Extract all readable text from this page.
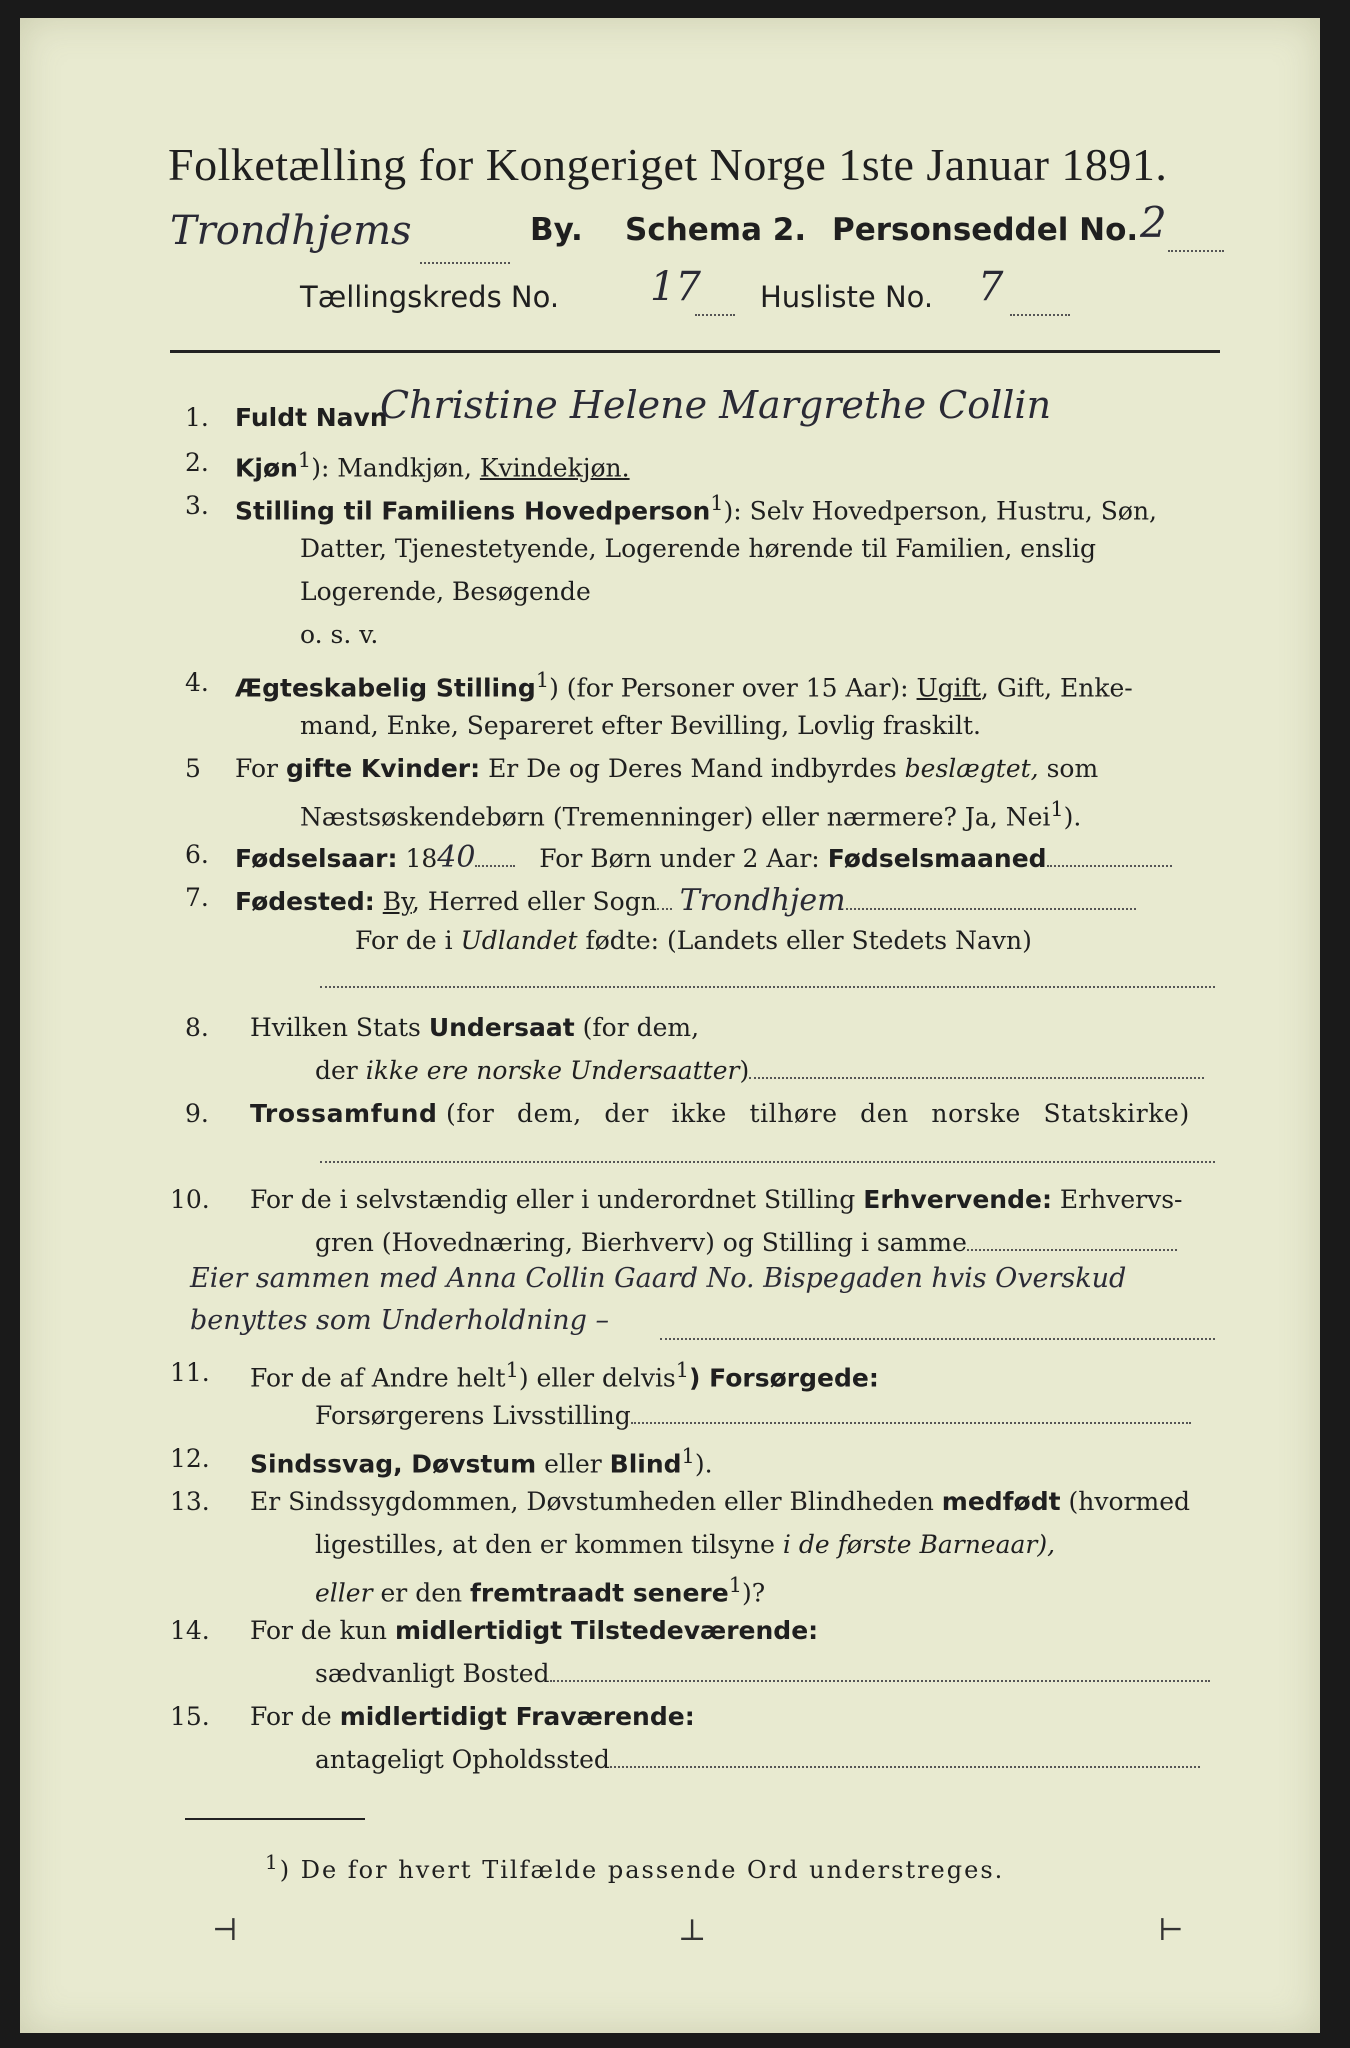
Folketælling for Kongeriget Norge 1ste Januar 1891.
Trondhjems	By. Schema 2. Personseddel No. 2
Tællingskreds No. 17 Husliste No. 7
1. Fuldt Navn
Christine Helene Margrethe Collin
2. Kjøn$^1$): Mandkjøn, Kvindekjøn.
3. Stilling til Familiens Hovedperson$^1$): Selv Hovedperson, Hustru, Søn,
Datter, Tjenestetyende, Logerende hørende til Familien, enslig
Logerende, Besøgende
o. s. v.
4. Ægteskabelig Stilling$^1$) (for Personer over 15 Aar): Ugift, Gift, Enke-
mand, Enke, Separeret efter Bevilling, Lovlig fraskilt.
5 For gifte Kvinder: Er De og Deres Mand indbyrdes beslægtet, som
Næstsøskendebørn (Tremenninger) eller nærmere? Ja, Nei$^1$).
6. Fødselsaar: 1840	For Børn under 2 Aar: Fødselsmaaned
7. Fødested: By, Herred eller Sogn Trondhjem
For de i Udlandet fødte: (Landets eller Stedets Navn)
8. Hvilken Stats Undersaat (for dem,
der ikke ere norske Undersaatter)
9. Trossamfund (for dem, der ikke tilhøre den norske Statskirke)
10. For de i selvstændig eller i underordnet Stilling Erhvervende: Erhvervs-
gren (Hovednæring, Bierhverv) og Stilling i samme
Eier sammen med Anna Collin Gaard No. Bispegaden hvis Overskud
benyttes som Underholdning –
11. For de af Andre helt$^1$) eller delvis$^1$) Forsørgede:
Forsørgerens Livsstilling
12. Sindssvag, Døvstum eller Blind$^1$).
13. Er Sindssygdommen, Døvstumheden eller Blindheden medfødt (hvormed
ligestilles, at den er kommen tilsyne i de første Barneaar),
eller er den fremtraadt senere$^1$)?
14. For de kun midlertidigt Tilstedeværende:
sædvanligt Bosted
15. For de midlertidigt Fraværende:
antageligt Opholdssted
$^1$) De for hvert Tilfælde passende Ord understreges.
⊣	⊥	⊢
